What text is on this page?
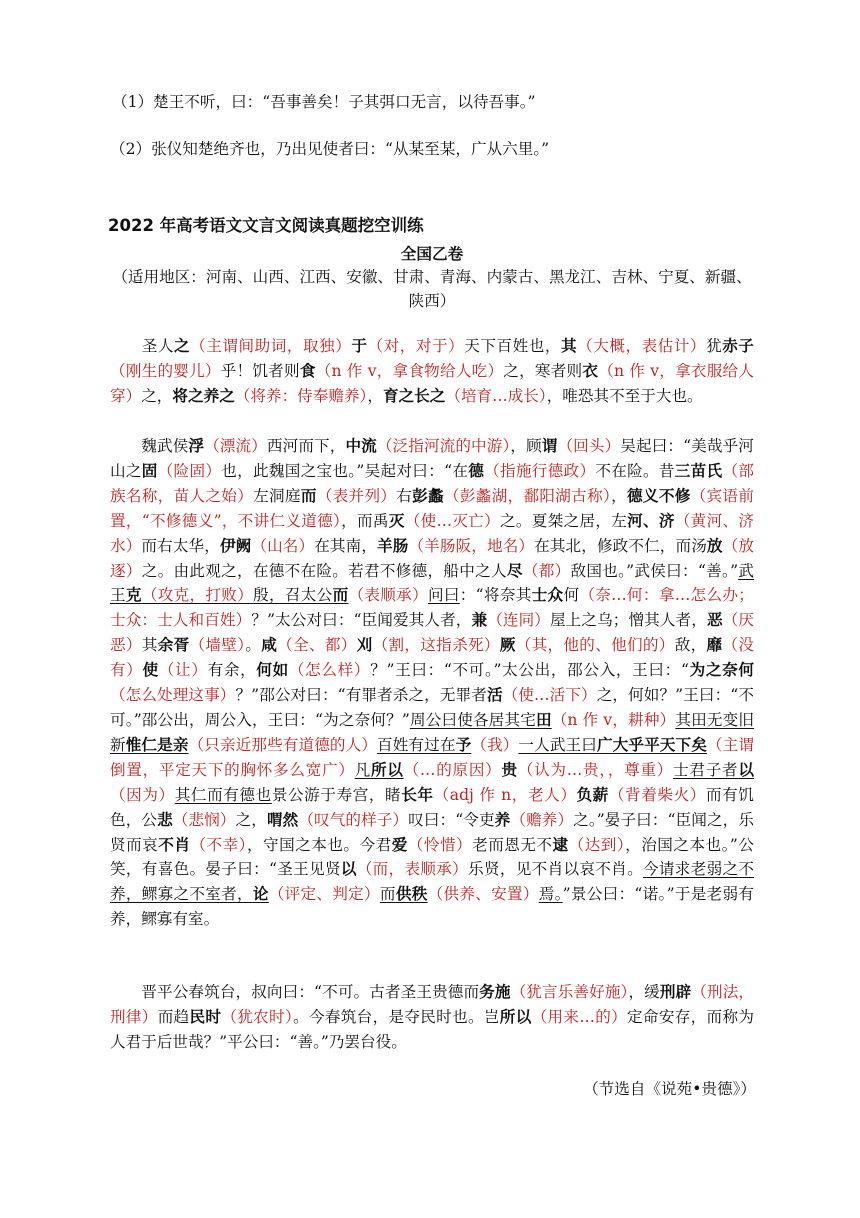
（1）楚王不听，曰：“吾事善矣！子其弭口无言，以待吾事。”
（2）张仪知楚绝齐也，乃出见使者曰：“从某至某，广从六里。”
2022 年高考语文文言文阅读真题挖空训练
全国乙卷
（适用地区：河南、山西、江西、安徽、甘肃、青海、内蒙古、黑龙江、吉林、宁夏、新疆、陕西）
  圣人之（主谓间助词，取独）于（对，对于）天下百姓也，其（大概，表估计）犹赤子（刚生的婴儿）乎！饥者则食（n 作 v，拿食物给人吃）之，寒者则衣（n 作 v，拿衣服给人穿）之，将之养之（将养：侍奉赡养），育之长之（培育…成长），唯恐其不至于大也。
  魏武侯浮（漂流）西河而下，中流（泛指河流的中游），顾谓（回头）吴起曰：“美哉乎河山之固（险固）也，此魏国之宝也。”吴起对曰：“在德（指施行德政）不在险。昔三苗氏（部族名称，苗人之始）左洞庭而（表并列）右彭蠡（彭蠡湖，鄱阳湖古称），德义不修（宾语前置，“不修德义”，不讲仁义道德），而禹灭（使…灭亡）之。夏桀之居，左河、济（黄河、济水）而右太华，伊阙（山名）在其南，羊肠（羊肠阪，地名）在其北，修政不仁，而汤放（放逐）之。由此观之，在德不在险。若君不修德，船中之人尽（都）敌国也。”武侯曰：“善。”武王克（攻克，打败）殷，召太公而（表顺承）问曰：“将奈其士众何（奈…何：拿…怎么办；士众：士人和百姓）？”太公对曰：“臣闻爱其人者，兼（连同）屋上之乌；憎其人者，恶（厌恶）其余胥（墙壁）。咸（全、都）刈（割，这指杀死）厥（其，他的、他们的）敌，靡（没有）使（让）有余，何如（怎么样）？”王曰：“不可。”太公出，邵公入，王曰：“为之奈何（怎么处理这事）？”邵公对曰：“有罪者杀之，无罪者活（使…活下）之，何如？”王曰：“不可。”邵公出，周公入，王曰：“为之奈何？”周公曰使各居其宅田（n 作 v，耕种）其田无变旧新惟仁是亲（只亲近那些有道德的人）百姓有过在予（我）一人武王曰广大乎平天下矣（主谓倒置，平定天下的胸怀多么宽广）凡所以（…的原因）贵（认为…贵，，尊重）士君子者以（因为）其仁而有德也景公游于寿宫，睹长年（adj 作 n，老人）负薪（背着柴火）而有饥色，公悲（悲悯）之，喟然（叹气的样子）叹曰：“令吏养（赡养）之。”晏子曰：“臣闻之，乐贤而哀不肖（不幸），守国之本也。今君爱（怜惜）老而恩无不逮（达到），治国之本也。”公笑，有喜色。晏子曰：“圣王见贤以（而，表顺承）乐贤，见不肖以哀不肖。今请求老弱之不养，鳏寡之不室者，论（评定、判定）而供秩（供养、安置）焉。”景公曰：“诺。”于是老弱有养，鳏寡有室。
  晋平公春筑台，叔向曰：“不可。古者圣王贵德而务施（犹言乐善好施），缓刑辟（刑法，刑律）而趋民时（犹农时）。今春筑台，是夺民时也。岂所以（用来…的）定命安存，而称为人君于后世哉？”平公曰：“善。”乃罢台役。
（节选自《说苑•贵德》）
